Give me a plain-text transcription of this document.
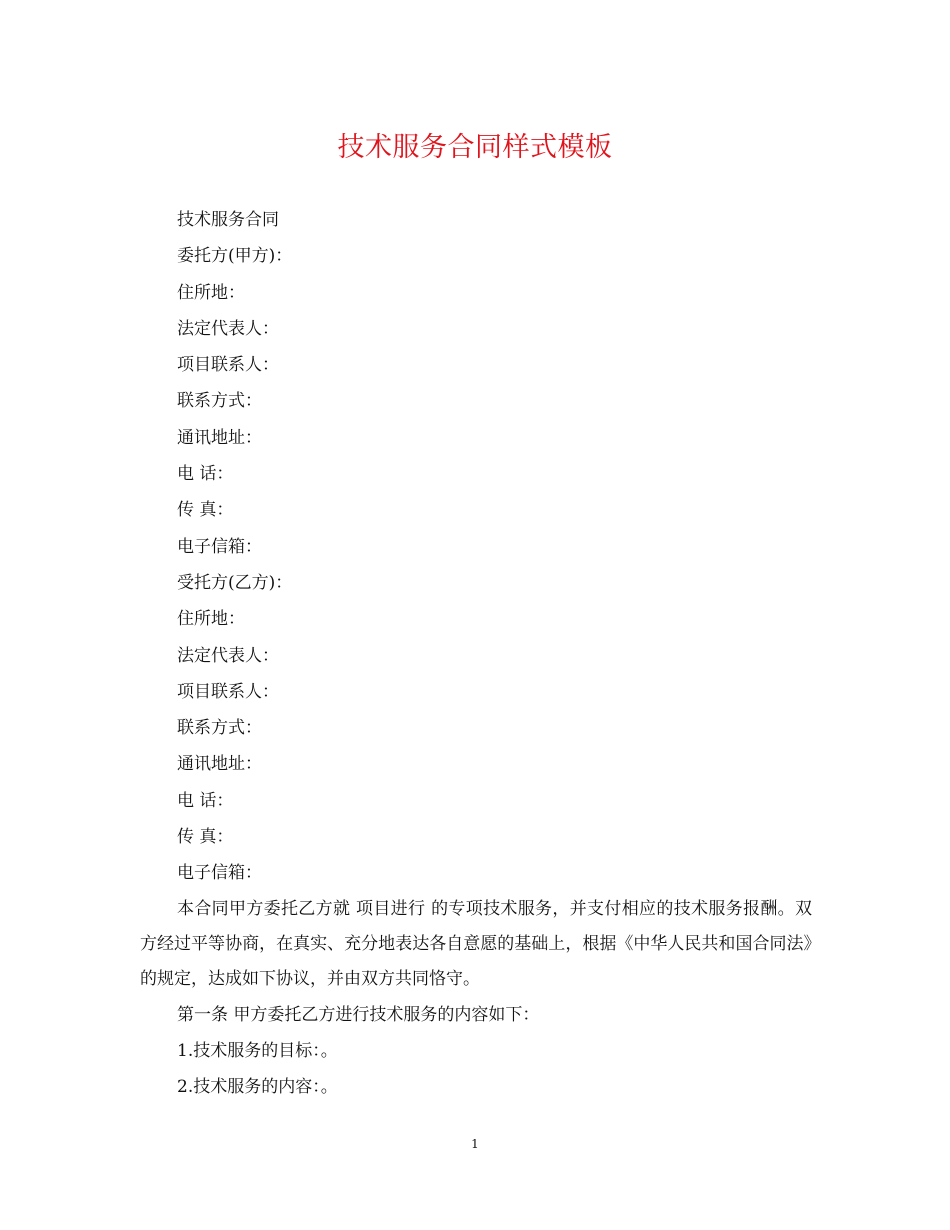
技术服务合同样式模板
技术服务合同
委托方(甲方)：
住所地：
法定代表人：
项目联系人：
联系方式：
通讯地址：
电 话：
传 真：
电子信箱：
受托方(乙方)：
住所地：
法定代表人：
项目联系人：
联系方式：
通讯地址：
电 话：
传 真：
电子信箱：

本合同甲方委托乙方就 项目进行 的专项技术服务，并支付相应的技术服务报酬。双方经过平等协商，在真实、充分地表达各自意愿的基础上，根据《中华人民共和国合同法》的规定，达成如下协议，并由双方共同恪守。

第一条 甲方委托乙方进行技术服务的内容如下：
1.技术服务的目标：。
2.技术服务的内容：。
1
